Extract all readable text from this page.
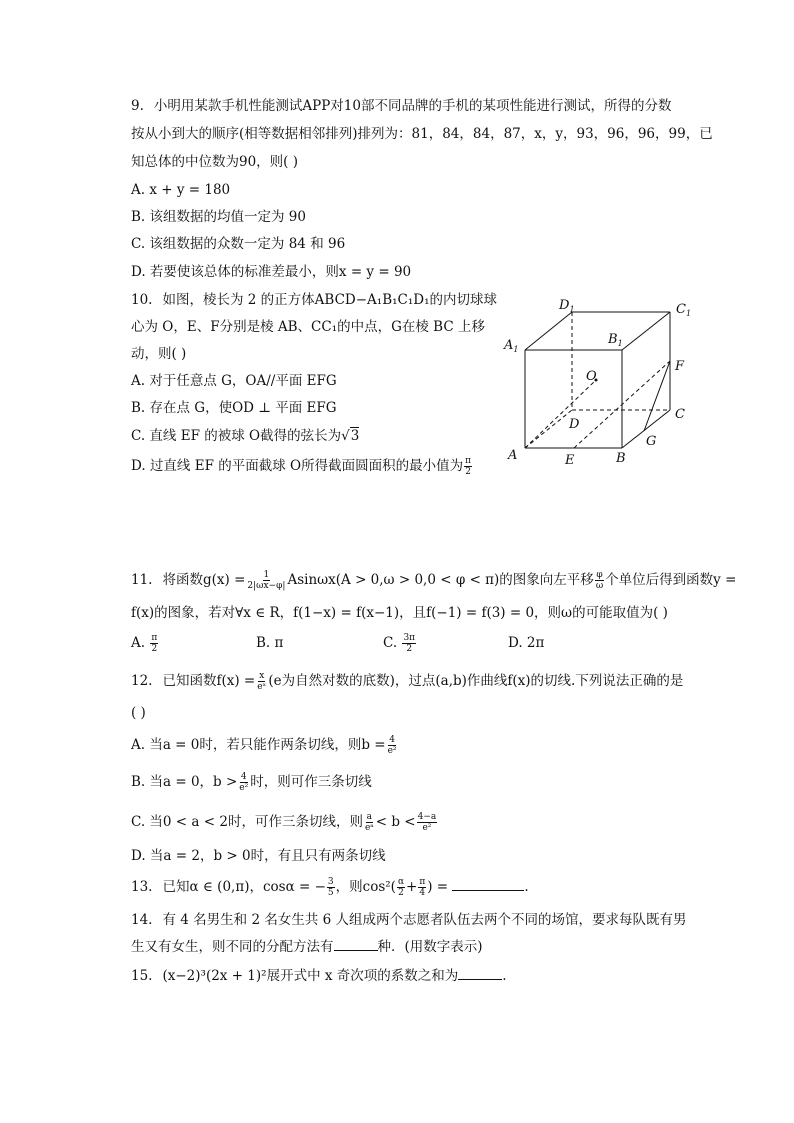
9. 小明用某款手机性能测试APP对10部不同品牌的手机的某项性能进行测试，所得的分数
按从小到大的顺序(相等数据相邻排列)排列为：81，84，84，87，x，y，93，96，96，99，已
知总体的中位数为90，则( )
A. x + y = 180
B. 该组数据的均值一定为 90
C. 该组数据的众数一定为 84 和 96
D. 若要使该总体的标准差最小，则x = y = 90
10. 如图，棱长为 2 的正方体ABCD−A₁B₁C₁D₁的内切球球
心为 O，E、F分别是棱 AB、CC₁的中点，G在棱 BC 上移
动，则( )
A. 对于任意点 G，OA//平面 EFG
B. 存在点 G，使OD ⊥ 平面 EFG
C. 直线 EF 的被球 O截得的弦长为√3
D. 过直线 EF 的平面截球 O所得截面圆面积的最小值为 $\frac{\pi}{2}$
$D_1$	$C_1$
$A_1$
$B_1$
O
F
D
C
G
A	E	B
11. 将函数$g(x) = \frac{1}{2|\omega x-\varphi|} Asin\omega x(A > 0,\omega > 0,0 < \varphi < \pi)$的图象向左平移 $\frac{\varphi}{\omega}$ 个单位后得到函数y =
f(x)的图象，若对∀x ∈ R，f(1−x) = f(x−1)，且f(−1) = f(3) = 0，则ω的可能取值为( )
A. $\frac{\pi}{2}$	B. π	C. $\frac{3\pi}{2}$	D. 2π
12. 已知函数$f(x) = \frac{x}{\text{eˣ}} (e$为自然对数的底数)，过点(a,b)作曲线f(x)的切线.下列说法正确的是
( )
A. 当a = 0时，若只能作两条切线，则$b = \frac{4}{\text{e²}}$
B. 当a = 0，$b > \frac{4}{\text{e²}}$ 时，则可作三条切线
C. 当0 < a < 2时，可作三条切线，则 $\frac{a}{\text{eᵃ}} < b < \frac{4-a}{\text{e²}}$
D. 当a = 2，b > 0时，有且只有两条切线
13. 已知α ∈ (0,π)，cosα = − $\frac{3}{5}$ ，则$\cos^2( \frac{\alpha}{2} + \frac{\pi}{4}$ ) =	.
14. 有 4 名男生和 2 名女生共 6 人组成两个志愿者队伍去两个不同的场馆，要求每队既有男
生又有女生，则不同的分配方法有	种．(用数字表示)
15. (x−2)³(2x + 1)²展开式中 x 奇次项的系数之和为	.
